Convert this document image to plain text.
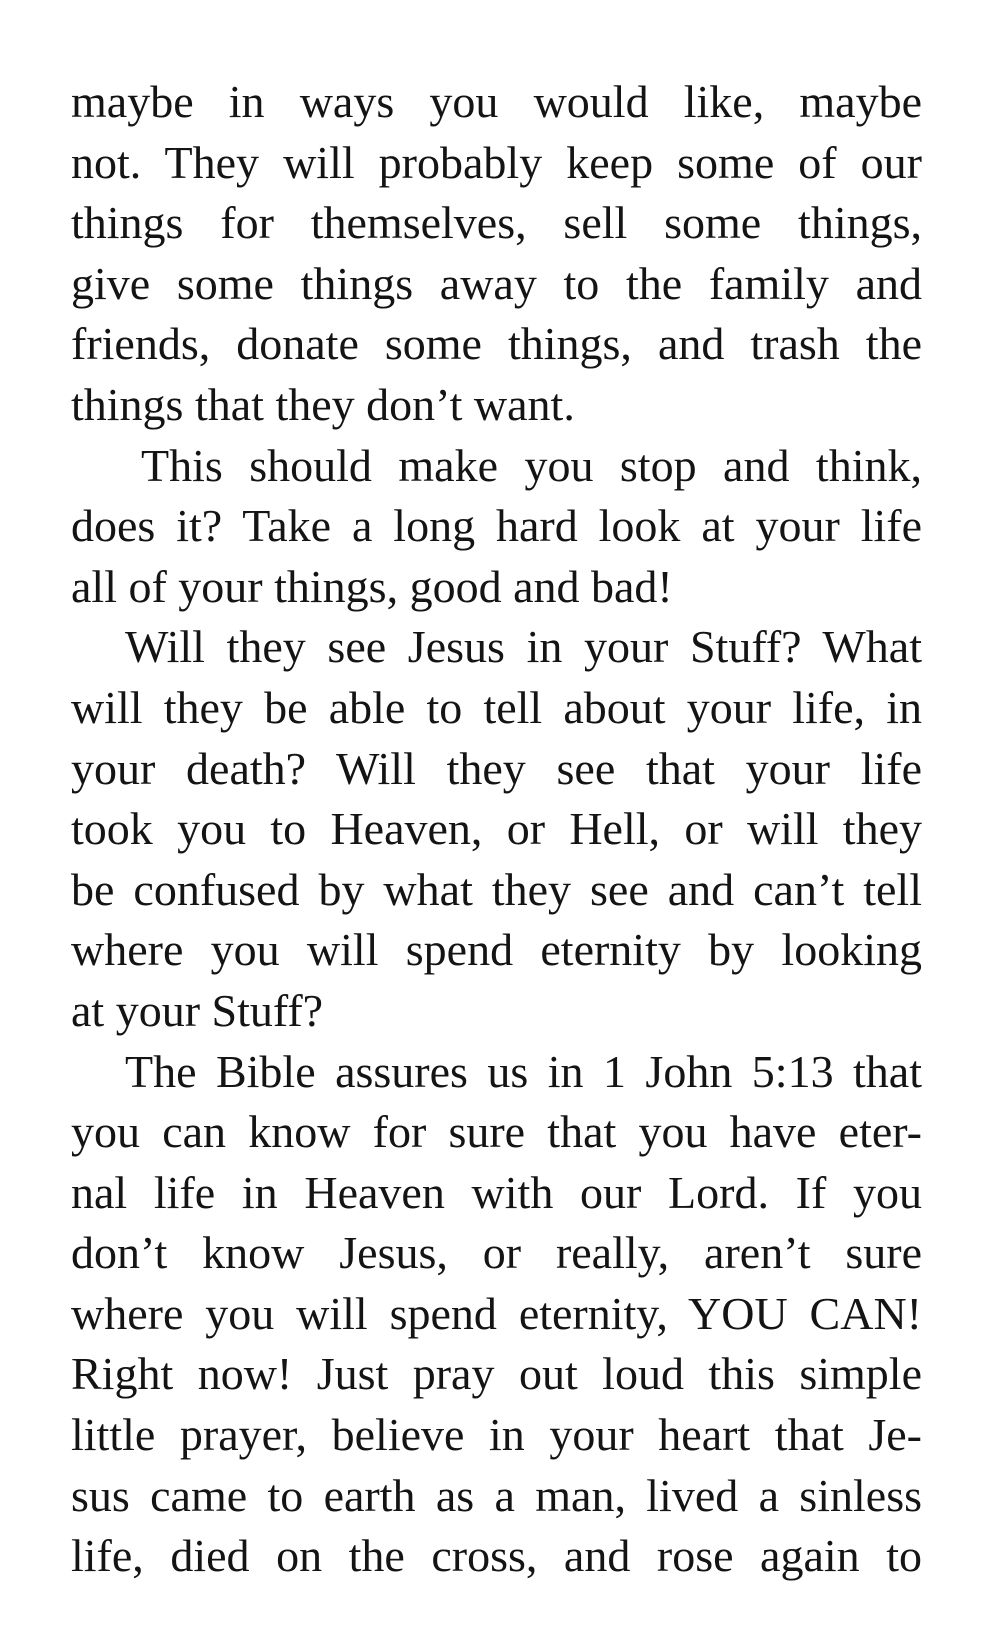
maybe in ways you would like, maybe
not. They will probably keep some of our
things for themselves, sell some things,
give some things away to the family and
friends, donate some things, and trash the
things that they don’t want.
This should make you stop and think,
does it? Take a long hard look at your life
all of your things, good and bad!
Will they see Jesus in your Stuff? What
will they be able to tell about your life, in
your death? Will they see that your life
took you to Heaven, or Hell, or will they
be confused by what they see and can’t tell
where you will spend eternity by looking
at your Stuff?
The Bible assures us in 1 John 5:13 that
you can know for sure that you have eter-
nal life in Heaven with our Lord. If you
don’t know Jesus, or really, aren’t sure
where you will spend eternity, YOU CAN!
Right now! Just pray out loud this simple
little prayer, believe in your heart that Je-
sus came to earth as a man, lived a sinless
life, died on the cross, and rose again to
